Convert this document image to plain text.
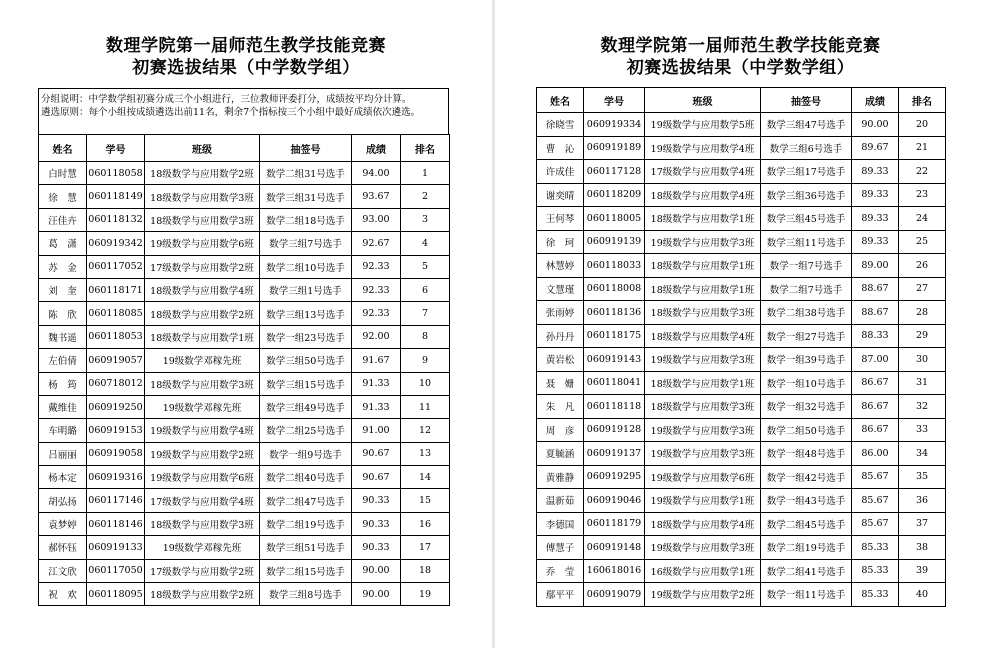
数理学院第一届师范生教学技能竞赛
初赛选拔结果（中学数学组）
分组说明：中学数学组初赛分成三个小组进行，三位教师评委打分，成绩按平均分计算。
遴选原则：每个小组按成绩遴选出前11名，剩余7个指标按三个小组中最好成绩依次遴选。
姓名	学号	班级	抽签号	成绩	排名
白时慧	060118058	18级数学与应用数学2班	数学二组31号选手	94.00	1
徐　慧	060118149	18级数学与应用数学3班	数学三组31号选手	93.67	2
汪佳卉	060118132	18级数学与应用数学3班	数学二组18号选手	93.00	3
葛　潇	060919342	19级数学与应用数学6班	数学三组7号选手	92.67	4
苏　金	060117052	17级数学与应用数学2班	数学二组10号选手	92.33	5
刘　奎	060118171	18级数学与应用数学4班	数学三组1号选手	92.33	6
陈　欣	060118085	18级数学与应用数学2班	数学三组13号选手	92.33	7
魏书遥	060118053	18级数学与应用数学1班	数学一组23号选手	92.00	8
左伯倩	060919057	19级数学邓稼先班	数学三组50号选手	91.67	9
杨　筠	060718012	18级数学与应用数学3班	数学三组15号选手	91.33	10
戴维佳	060919250	19级数学邓稼先班	数学三组49号选手	91.33	11
车明璐	060919153	19级数学与应用数学4班	数学二组25号选手	91.00	12
吕丽丽	060919058	19级数学与应用数学2班	数学一组9号选手	90.67	13
杨本定	060919316	19级数学与应用数学6班	数学二组40号选手	90.67	14
胡弘扬	060117146	17级数学与应用数学4班	数学二组47号选手	90.33	15
袁梦婷	060118146	18级数学与应用数学3班	数学二组19号选手	90.33	16
郝怀钰	060919133	19级数学邓稼先班	数学三组51号选手	90.33	17
江文欣	060117050	17级数学与应用数学2班	数学二组15号选手	90.00	18
祝　欢	060118095	18级数学与应用数学2班	数学三组8号选手	90.00	19
数理学院第一届师范生教学技能竞赛
初赛选拔结果（中学数学组）
姓名	学号	班级	抽签号	成绩	排名
徐晓雪	060919334	19级数学与应用数学5班	数学三组47号选手	90.00	20
曹　沁	060919189	19级数学与应用数学4班	数学三组6号选手	89.67	21
许成佳	060117128	17级数学与应用数学4班	数学三组17号选手	89.33	22
谢奕晴	060118209	18级数学与应用数学4班	数学三组36号选手	89.33	23
王何琴	060118005	18级数学与应用数学1班	数学三组45号选手	89.33	24
徐　珂	060919139	19级数学与应用数学3班	数学三组11号选手	89.33	25
林慧婷	060118033	18级数学与应用数学1班	数学一组7号选手	89.00	26
文慧瑾	060118008	18级数学与应用数学1班	数学二组7号选手	88.67	27
张雨婷	060118136	18级数学与应用数学3班	数学二组38号选手	88.67	28
孙丹丹	060118175	18级数学与应用数学4班	数学一组27号选手	88.33	29
黄岩松	060919143	19级数学与应用数学3班	数学一组39号选手	87.00	30
聂　姗	060118041	18级数学与应用数学1班	数学一组10号选手	86.67	31
朱　凡	060118118	18级数学与应用数学3班	数学一组32号选手	86.67	32
周　彦	060919128	19级数学与应用数学3班	数学二组50号选手	86.67	33
夏毓涵	060919137	19级数学与应用数学3班	数学一组48号选手	86.00	34
黄雅静	060919295	19级数学与应用数学6班	数学一组42号选手	85.67	35
温新茹	060919046	19级数学与应用数学1班	数学一组43号选手	85.67	36
李德国	060118179	18级数学与应用数学4班	数学二组45号选手	85.67	37
傅慧子	060919148	19级数学与应用数学3班	数学二组19号选手	85.33	38
乔　莹	160618016	16级数学与应用数学1班	数学二组41号选手	85.33	39
鄢平平	060919079	19级数学与应用数学2班	数学一组11号选手	85.33	40
